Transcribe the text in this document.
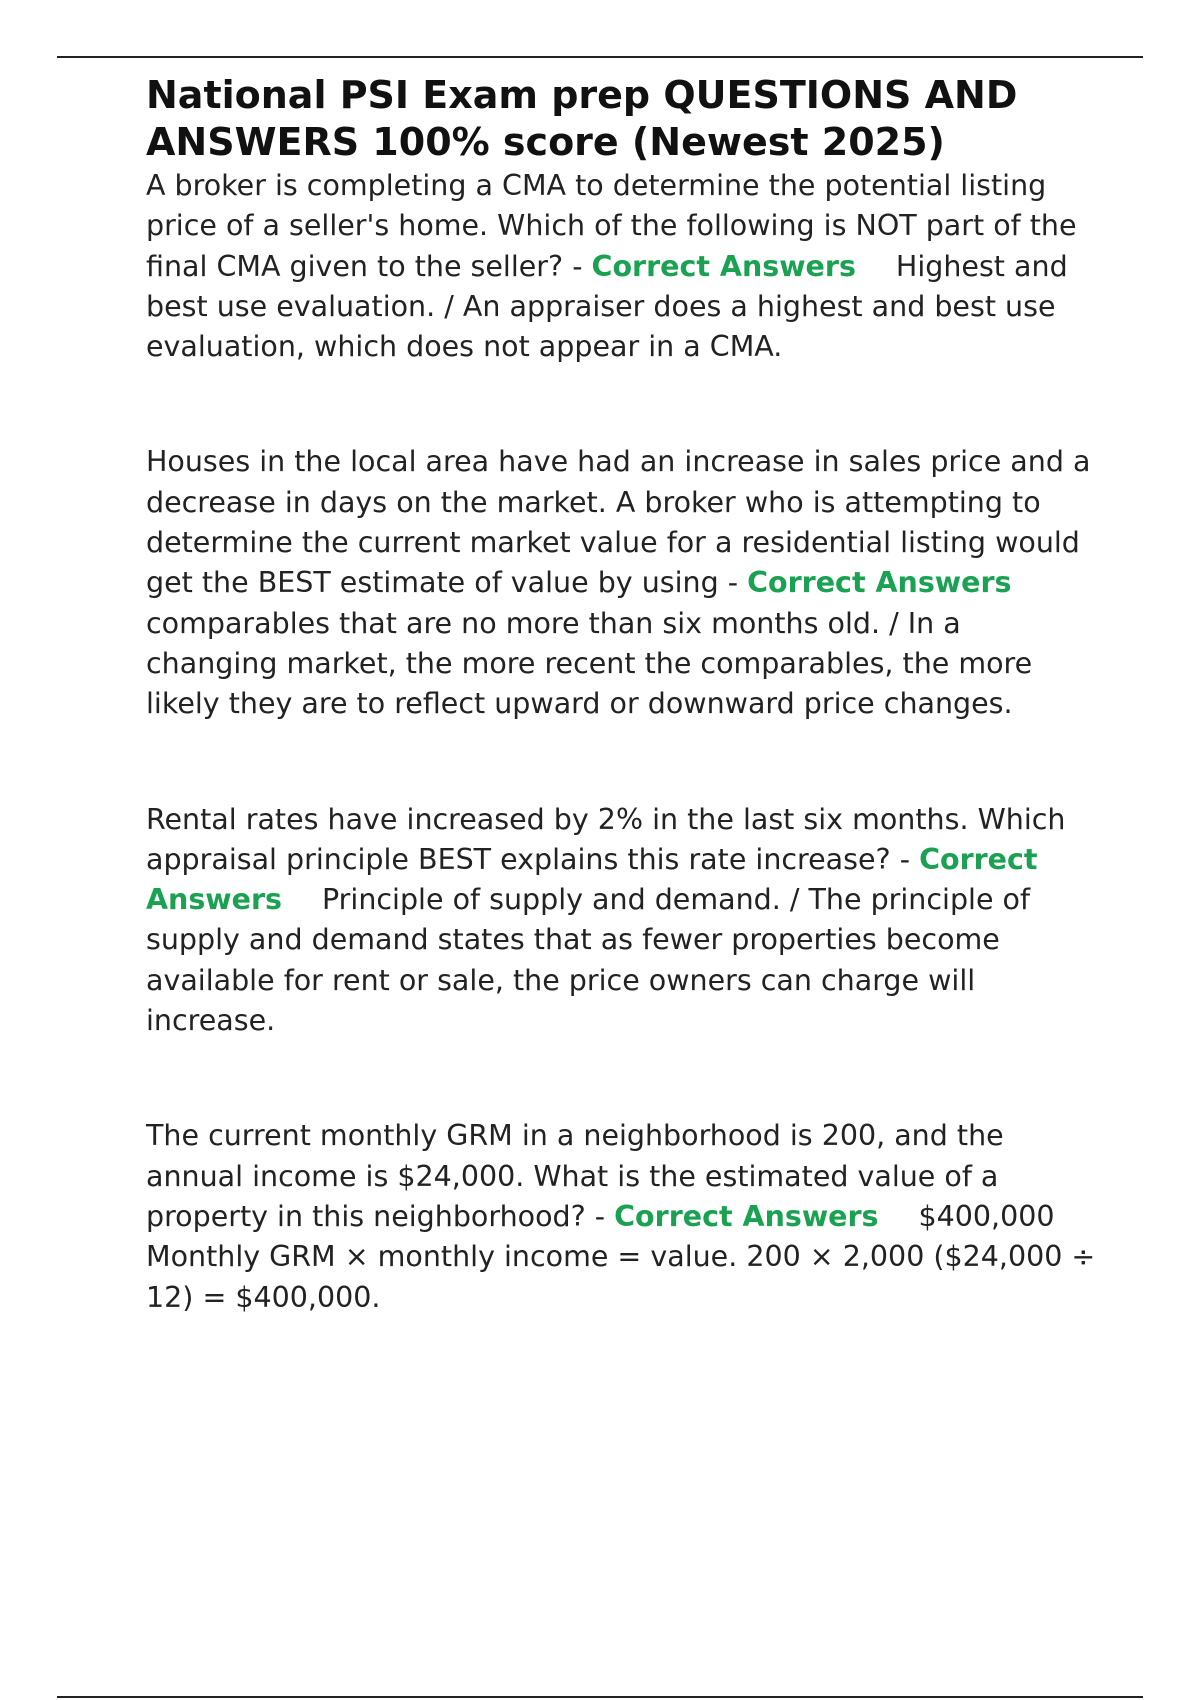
National PSI Exam prep QUESTIONS AND ANSWERS 100% score (Newest 2025)

A broker is completing a CMA to determine the potential listing price of a seller's home. Which of the following is NOT part of the final CMA given to the seller? - Correct Answers Highest and best use evaluation. / An appraiser does a highest and best use evaluation, which does not appear in a CMA.

Houses in the local area have had an increase in sales price and a decrease in days on the market. A broker who is attempting to determine the current market value for a residential listing would get the BEST estimate of value by using - Correct Answerscomparables that are no more than six months old. / In a changing market, the more recent the comparables, the more likely they are to reflect upward or downward price changes.

Rental rates have increased by 2% in the last six months. Which appraisal principle BEST explains this rate increase? - Correct Answers Principle of supply and demand. / The principle of supply and demand states that as fewer properties become available for rent or sale, the price owners can charge will increase.

The current monthly GRM in a neighborhood is 200, and the annual income is $24,000. What is the estimated value of a property in this neighborhood? - Correct Answers $400,000 Monthly GRM × monthly income = value. 200 × 2,000 ($24,000 ÷ 12) = $400,000.
